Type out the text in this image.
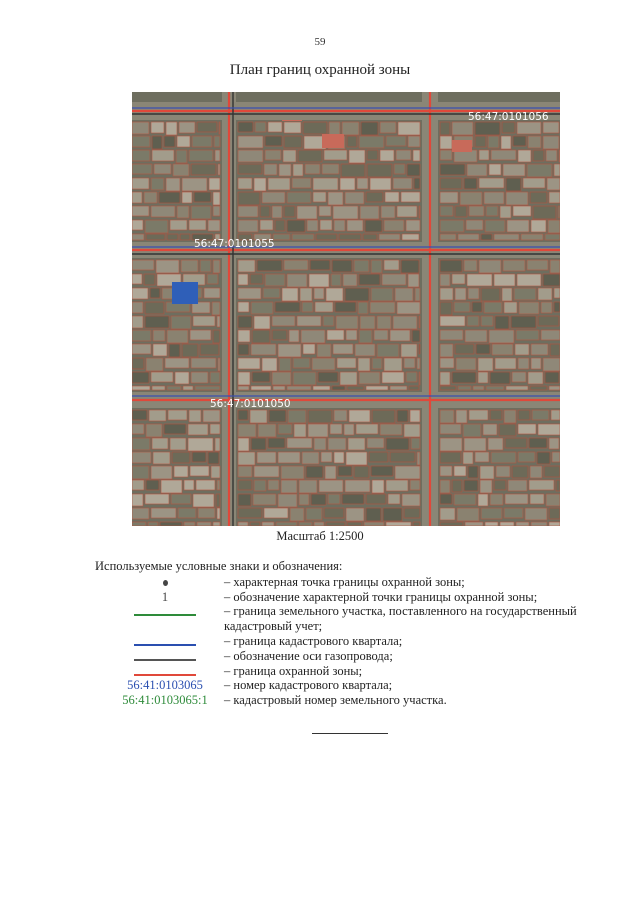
59
План границ охранной зоны
56:47:0101056
56:47:0101055
56:47:0101050
Масштаб 1:2500
Используемые условные знаки и обозначения:
– характерная точка границы охранной зоны;
1	– обозначение характерной точки границы охранной зоны;
– граница земельного участка, поставленного на государственный кадастровый учет;
– граница кадастрового квартала;
– обозначение оси газопровода;
– граница охранной зоны;
56:41:0103065	– номер кадастрового квартала;
56:41:0103065:1	– кадастровый номер земельного участка.
